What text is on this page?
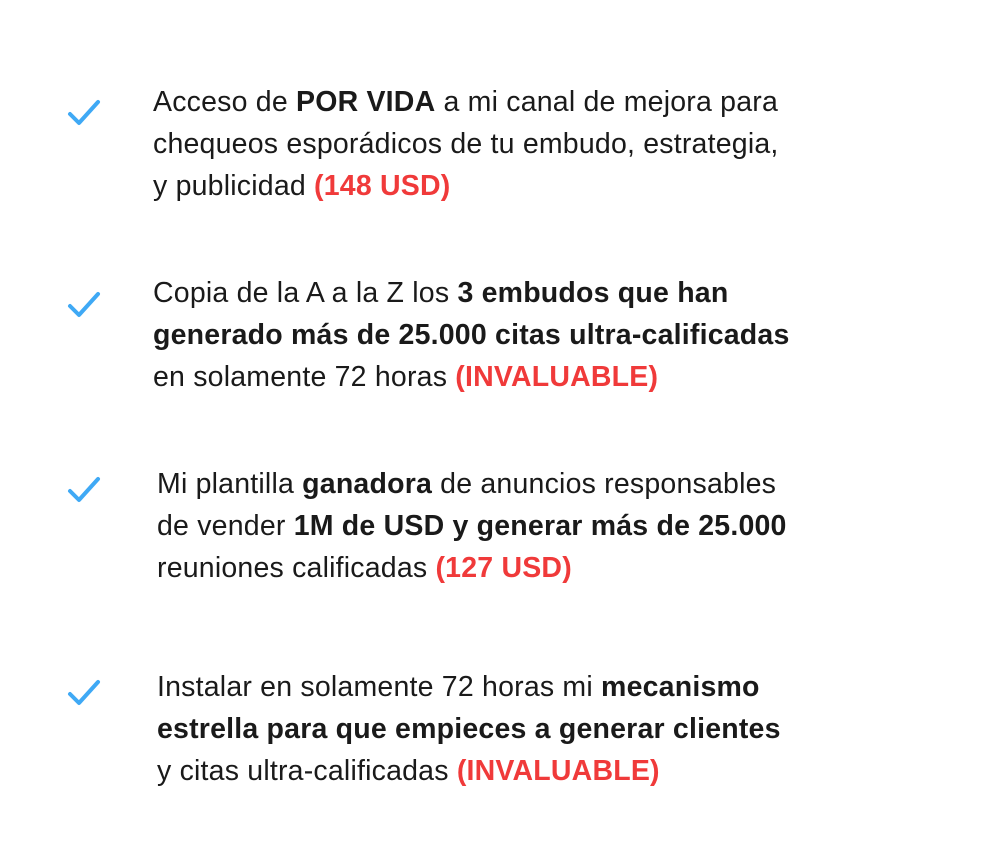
Acceso de POR VIDA a mi canal de mejora para
chequeos esporádicos de tu embudo, estrategia,
y publicidad (148 USD)
Copia de la A a la Z los 3 embudos que han
generado más de 25.000 citas ultra-calificadas
en solamente 72 horas (INVALUABLE)
Mi plantilla ganadora de anuncios responsables
de vender 1M de USD y generar más de 25.000
reuniones calificadas (127 USD)
Instalar en solamente 72 horas mi mecanismo
estrella para que empieces a generar clientes
y citas ultra-calificadas (INVALUABLE)
